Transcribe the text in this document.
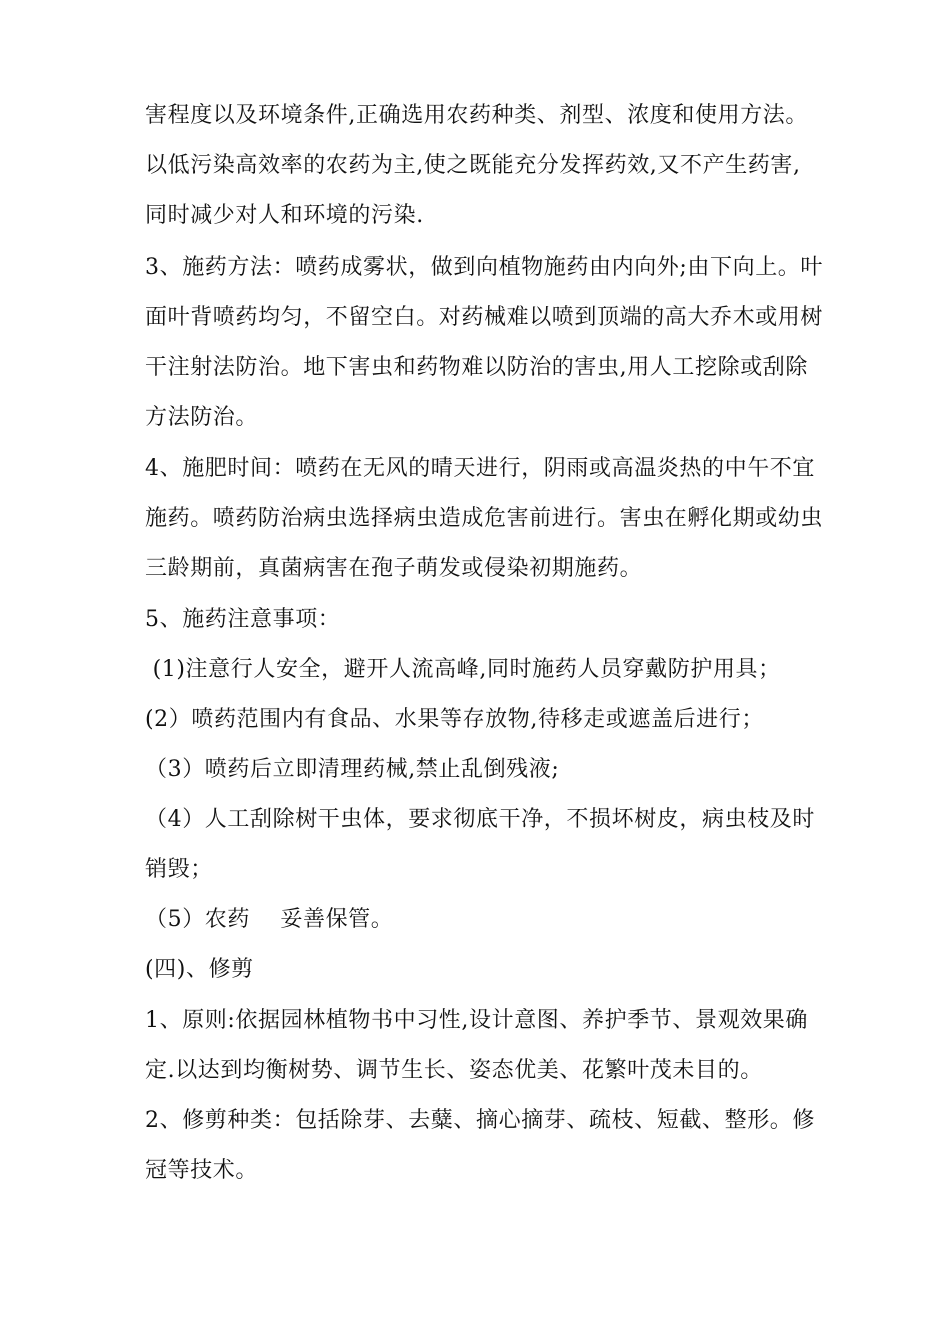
害程度以及环境条件,正确选用农药种类、剂型、浓度和使用方法。
以低污染高效率的农药为主,使之既能充分发挥药效,又不产生药害,
同时减少对人和环境的污染.
3、施药方法：喷药成雾状，做到向植物施药由内向外;由下向上。叶
面叶背喷药均匀，不留空白。对药械难以喷到顶端的高大乔木或用树
干注射法防治。地下害虫和药物难以防治的害虫,用人工挖除或刮除
方法防治。
4、施肥时间：喷药在无风的晴天进行，阴雨或高温炎热的中午不宜
施药。喷药防治病虫选择病虫造成危害前进行。害虫在孵化期或幼虫
三龄期前，真菌病害在孢子萌发或侵染初期施药。
5、施药注意事项：
(1)注意行人安全，避开人流高峰,同时施药人员穿戴防护用具；
(2）喷药范围内有食品、水果等存放物,待移走或遮盖后进行；
（3）喷药后立即清理药械,禁止乱倒残液;
（4）人工刮除树干虫体，要求彻底干净，不损坏树皮，病虫枝及时
销毁；
（5）农药    妥善保管。
(四)、修剪
1、原则:依据园林植物书中习性,设计意图、养护季节、景观效果确
定.以达到均衡树势、调节生长、姿态优美、花繁叶茂未目的。
2、修剪种类：包括除芽、去糵、摘心摘芽、疏枝、短截、整形。修
冠等技术。
